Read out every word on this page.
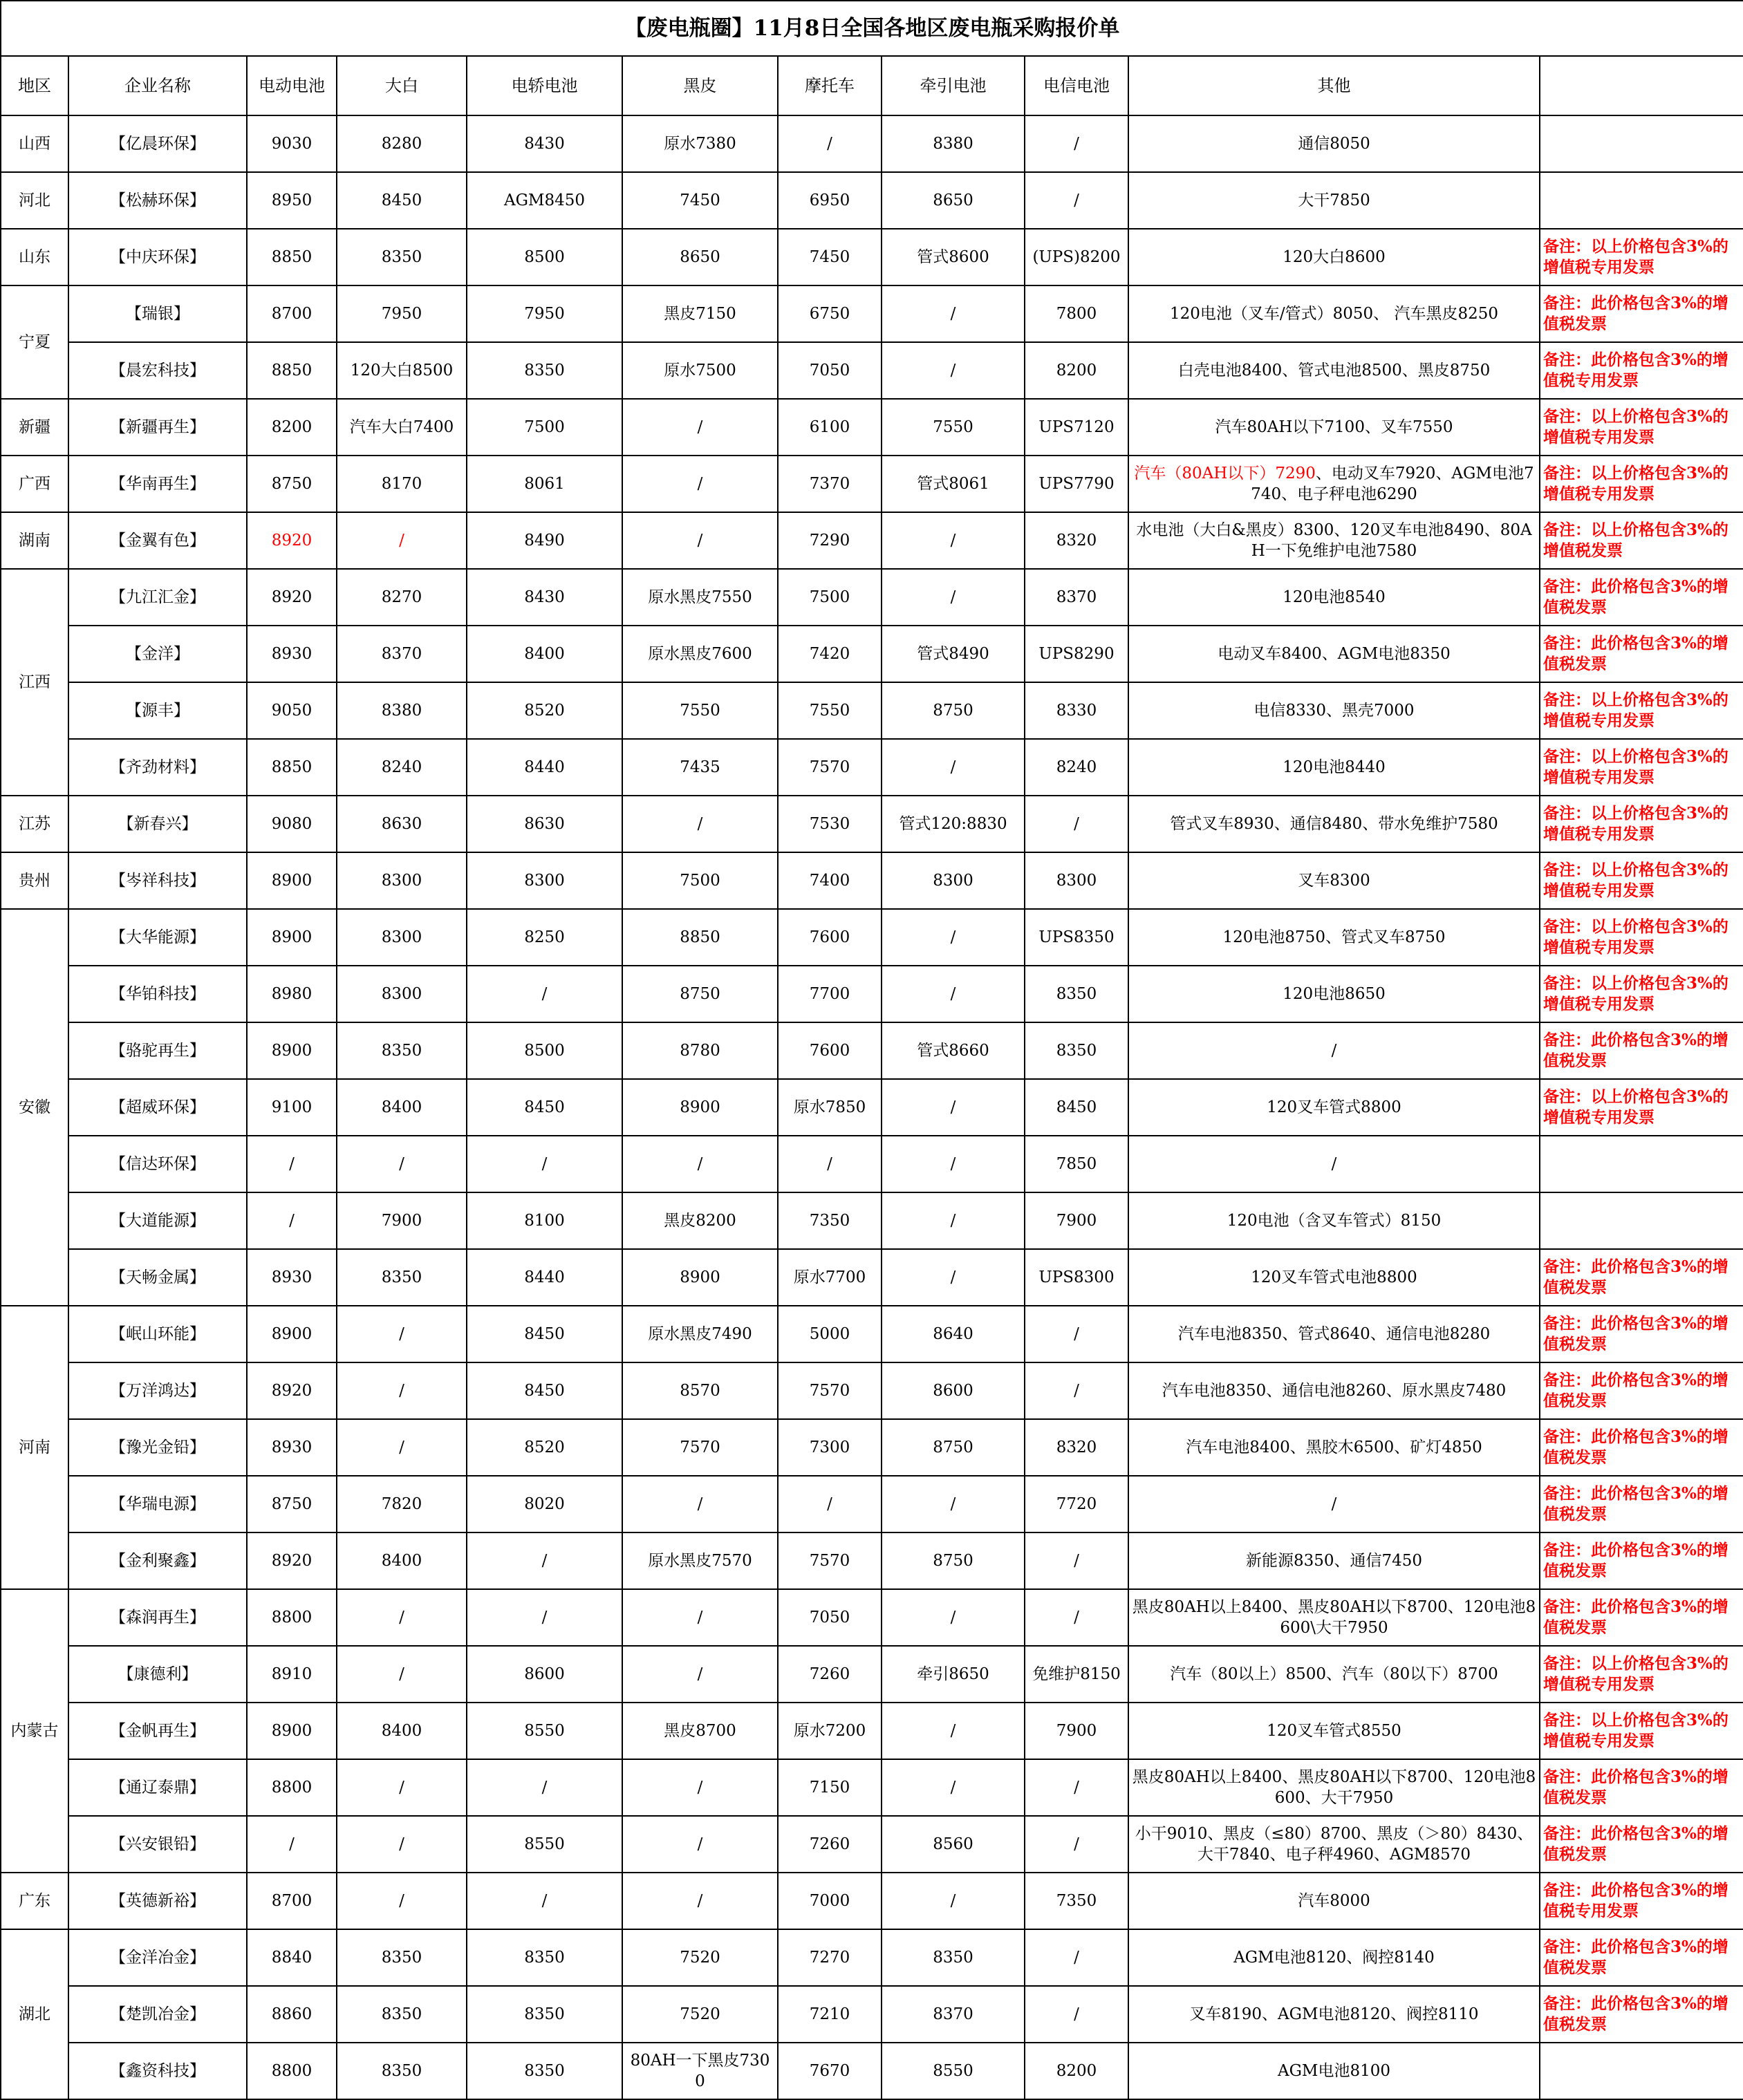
【废电瓶圈】11月8日全国各地区废电瓶采购报价单										
地区	企业名称	电动电池	大白	电轿电池	黑皮	摩托车	牵引电池	电信电池	其他	
山西	【亿晨环保】	9030	8280	8430	原水7380	/	8380	/	通信8050	
河北	【松赫环保】	8950	8450	AGM8450	7450	6950	8650	/	大干7850	
山东	【中庆环保】	8850	8350	8500	8650	7450	管式8600	(UPS)8200	120大白8600	备注：以上价格包含3%的增值税专用发票
宁夏	【瑞银】	8700	7950	7950	黑皮7150	6750	/	7800	120电池（叉车/管式）8050、 汽车黑皮8250	备注：此价格包含3%的增值税发票
	【晨宏科技】	8850	120大白8500	8350	原水7500	7050	/	8200	白壳电池8400、管式电池8500、黑皮8750	备注：此价格包含3%的增值税专用发票
新疆	【新疆再生】	8200	汽车大白7400	7500	/	6100	7550	UPS7120	汽车80AH以下7100、叉车7550	备注：以上价格包含3%的增值税专用发票
广西	【华南再生】	8750	8170	8061	/	7370	管式8061	UPS7790	汽车（80AH以下）7290、电动叉车7920、AGM电池7740、电子秤电池6290	备注：以上价格包含3%的增值税专用发票
湖南	【金翼有色】	8920	/	8490	/	7290	/	8320	水电池（大白&黑皮）8300、120叉车电池8490、80AH一下免维护电池7580	备注：以上价格包含3%的增值税发票
江西	【九江汇金】	8920	8270	8430	原水黑皮7550	7500	/	8370	120电池8540	备注：此价格包含3%的增值税发票
	【金洋】	8930	8370	8400	原水黑皮7600	7420	管式8490	UPS8290	电动叉车8400、AGM电池8350	备注：此价格包含3%的增值税发票
	【源丰】	9050	8380	8520	7550	7550	8750	8330	电信8330、黑壳7000	备注：以上价格包含3%的增值税专用发票
	【齐劲材料】	8850	8240	8440	7435	7570	/	8240	120电池8440	备注：以上价格包含3%的增值税专用发票
江苏	【新春兴】	9080	8630	8630	/	7530	管式120:8830	/	管式叉车8930、通信8480、带水免维护7580	备注：以上价格包含3%的增值税专用发票
贵州	【岑祥科技】	8900	8300	8300	7500	7400	8300	8300	叉车8300	备注：以上价格包含3%的增值税专用发票
安徽	【大华能源】	8900	8300	8250	8850	7600	/	UPS8350	120电池8750、管式叉车8750	备注：以上价格包含3%的增值税专用发票
	【华铂科技】	8980	8300	/	8750	7700	/	8350	120电池8650	备注：以上价格包含3%的增值税专用发票
	【骆驼再生】	8900	8350	8500	8780	7600	管式8660	8350	/	备注：此价格包含3%的增值税发票
	【超威环保】	9100	8400	8450	8900	原水7850	/	8450	120叉车管式8800	备注：以上价格包含3%的增值税专用发票
	【信达环保】	/	/	/	/	/	/	7850	/	
	【大道能源】	/	7900	8100	黑皮8200	7350	/	7900	120电池（含叉车管式）8150	
	【天畅金属】	8930	8350	8440	8900	原水7700	/	UPS8300	120叉车管式电池8800	备注：此价格包含3%的增值税发票
河南	【岷山环能】	8900	/	8450	原水黑皮7490	5000	8640	/	汽车电池8350、管式8640、通信电池8280	备注：此价格包含3%的增值税发票
	【万洋鸿达】	8920	/	8450	8570	7570	8600	/	汽车电池8350、通信电池8260、原水黑皮7480	备注：此价格包含3%的增值税发票
	【豫光金铅】	8930	/	8520	7570	7300	8750	8320	汽车电池8400、黑胶木6500、矿灯4850	备注：此价格包含3%的增值税发票
	【华瑞电源】	8750	7820	8020	/	/	/	7720	/	备注：此价格包含3%的增值税发票
	【金利聚鑫】	8920	8400	/	原水黑皮7570	7570	8750	/	新能源8350、通信7450	备注：此价格包含3%的增值税发票
内蒙古	【森润再生】	8800	/	/	/	7050	/	/	黑皮80AH以上8400、黑皮80AH以下8700、120电池8600\大干7950	备注：此价格包含3%的增值税发票
	【康德利】	8910	/	8600	/	7260	牵引8650	免维护8150	汽车（80以上）8500、汽车（80以下）8700	备注：以上价格包含3%的增值税专用发票
	【金帆再生】	8900	8400	8550	黑皮8700	原水7200	/	7900	120叉车管式8550	备注：以上价格包含3%的增值税专用发票
	【通辽泰鼎】	8800	/	/	/	7150	/	/	黑皮80AH以上8400、黑皮80AH以下8700、120电池8600、大干7950	备注：此价格包含3%的增值税发票
	【兴安银铅】	/	/	8550	/	7260	8560	/	小干9010、黑皮（≤80）8700、黑皮（＞80）8430、大干7840、电子秤4960、AGM8570	备注：此价格包含3%的增值税发票
广东	【英德新裕】	8700	/	/	/	7000	/	7350	汽车8000	备注：此价格包含3%的增值税专用发票
湖北	【金洋冶金】	8840	8350	8350	7520	7270	8350	/	AGM电池8120、阀控8140	备注：此价格包含3%的增值税发票
	【楚凯冶金】	8860	8350	8350	7520	7210	8370	/	叉车8190、AGM电池8120、阀控8110	备注：此价格包含3%的增值税发票
	【鑫资科技】	8800	8350	8350	80AH一下黑皮7300	7670	8550	8200	AGM电池8100	
